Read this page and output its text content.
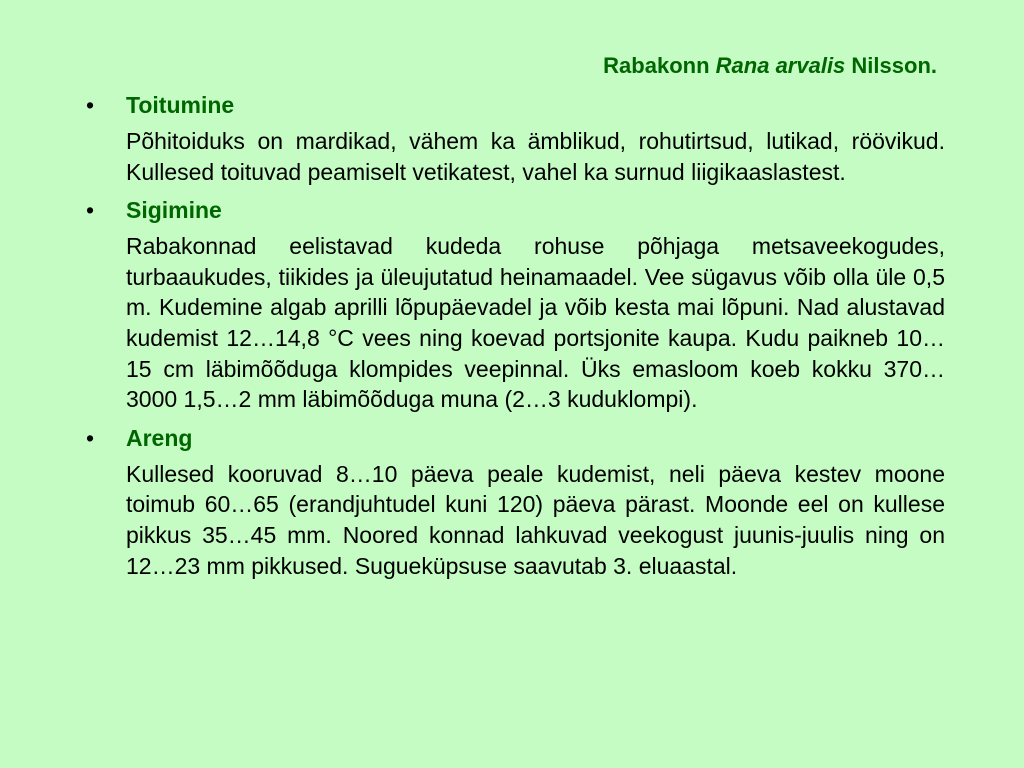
Rabakonn Rana arvalis Nilsson.
•	Toitumine
Põhitoiduks on mardikad, vähem ka ämblikud, rohutirtsud, lutikad, röövikud. Kullesed toituvad peamiselt vetikatest, vahel ka surnud liigikaaslastest.
•	Sigimine
Rabakonnad eelistavad kudeda rohuse põhjaga metsaveekogudes, turbaaukudes, tiikides ja üleujutatud heinamaadel. Vee sügavus võib olla üle 0,5 m. Kudemine algab aprilli lõpupäevadel ja võib kesta mai lõpuni. Nad alustavad kudemist 12…14,8 °C vees ning koevad portsjonite kaupa. Kudu paikneb 10…15 cm läbimõõduga klompides veepinnal. Üks emasloom koeb kokku 370…3000 1,5…2 mm läbimõõduga muna (2…3 kuduklompi).
•	Areng
Kullesed kooruvad 8…10 päeva peale kudemist, neli päeva kestev moone toimub 60…65 (erandjuhtudel kuni 120) päeva pärast. Moonde eel on kullese pikkus 35…45 mm. Noored konnad lahkuvad veekogust juunis-juulis ning on 12…23 mm pikkused. Sugueküpsuse saavutab 3. eluaastal.
